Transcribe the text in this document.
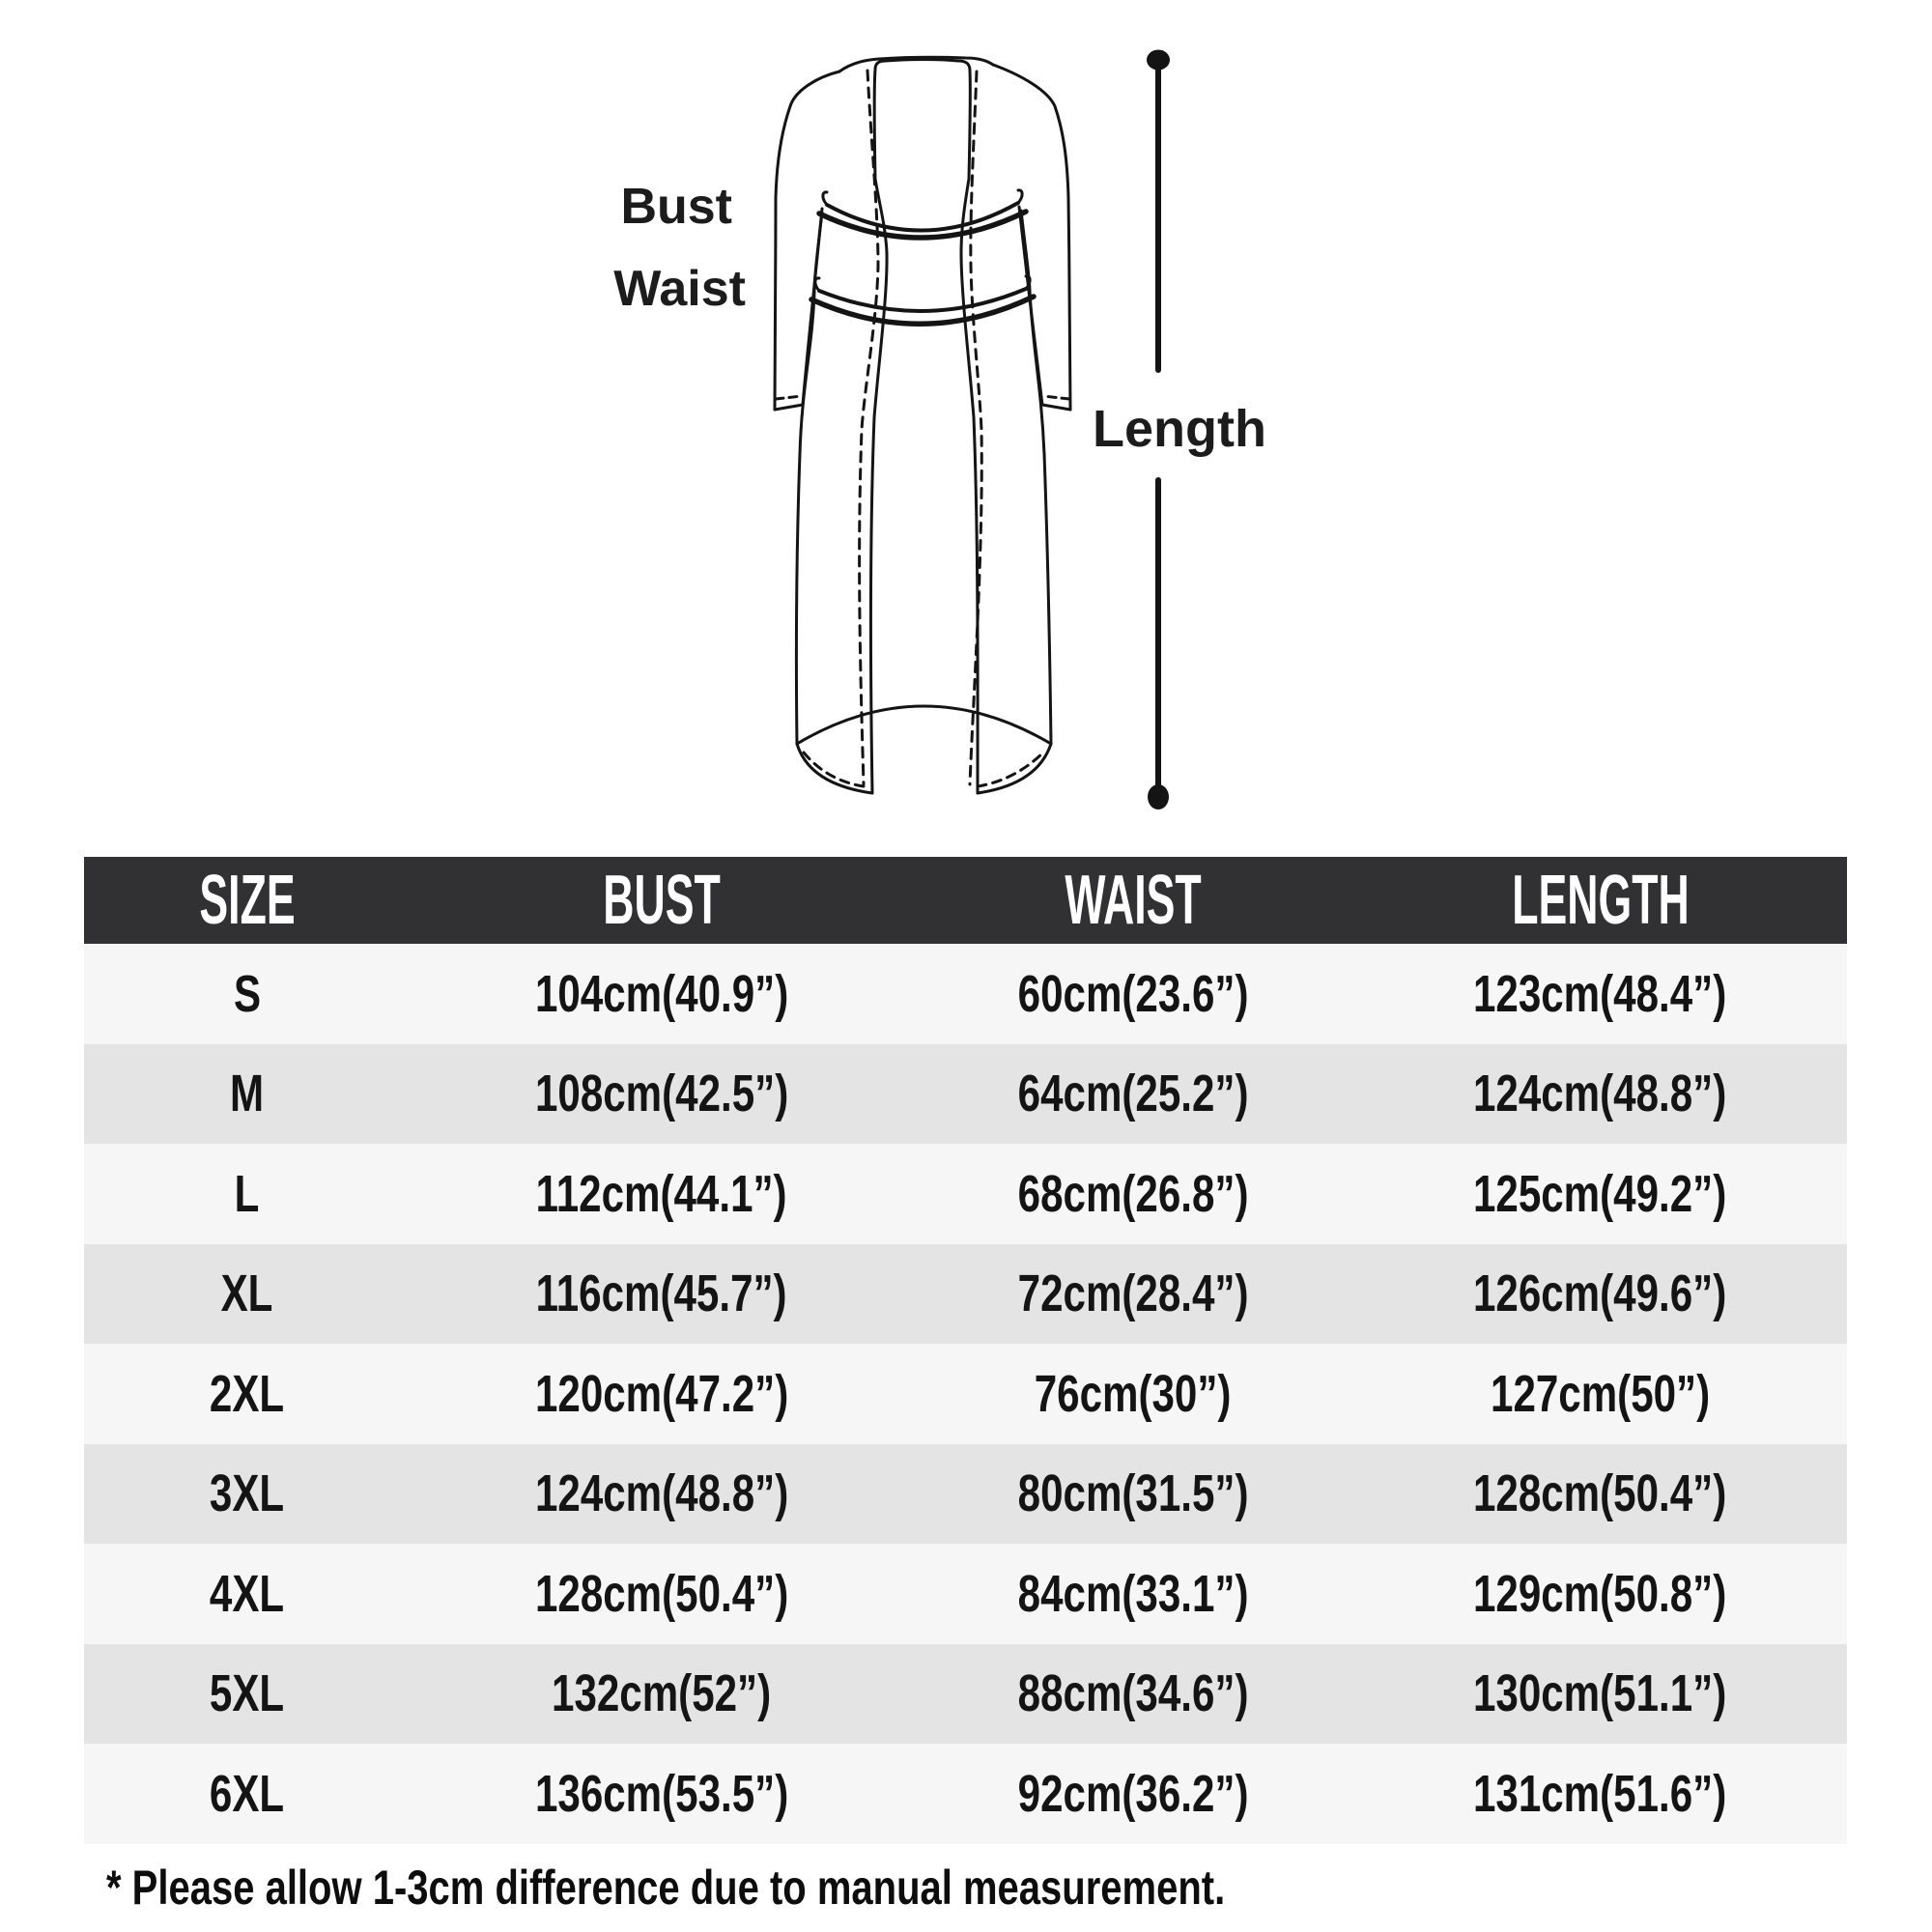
Bust
Waist
Length
SIZE	BUST	WAIST	LENGTH
S	104cm(40.9”)	60cm(23.6”)	123cm(48.4”)
M	108cm(42.5”)	64cm(25.2”)	124cm(48.8”)
L	112cm(44.1”)	68cm(26.8”)	125cm(49.2”)
XL	116cm(45.7”)	72cm(28.4”)	126cm(49.6”)
2XL	120cm(47.2”)	76cm(30”)	127cm(50”)
3XL	124cm(48.8”)	80cm(31.5”)	128cm(50.4”)
4XL	128cm(50.4”)	84cm(33.1”)	129cm(50.8”)
5XL	132cm(52”)	88cm(34.6”)	130cm(51.1”)
6XL	136cm(53.5”)	92cm(36.2”)	131cm(51.6”)
* Please allow 1-3cm difference due to manual measurement.
